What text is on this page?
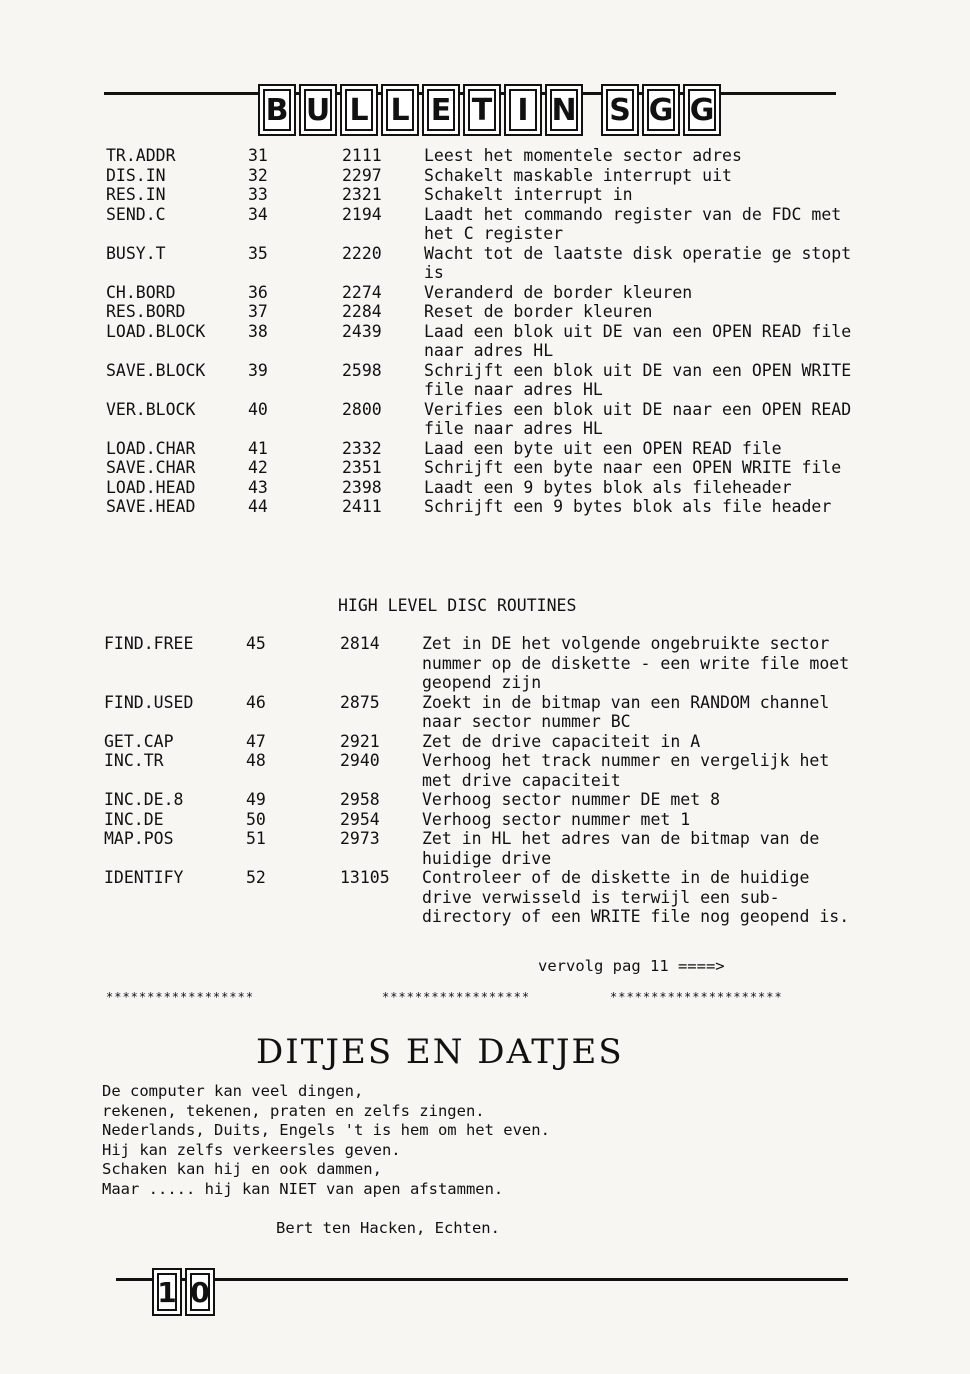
B U L L E T I N S G G
TR.ADDR	31	2111	Leest het momentele sector adres
DIS.IN	32	2297	Schakelt maskable interrupt uit
RES.IN	33	2321	Schakelt interrupt in
SEND.C	34	2194	Laadt het commando register van de FDC met het C register
BUSY.T	35	2220	Wacht tot de laatste disk operatie ge stopt is
CH.BORD	36	2274	Veranderd de border kleuren
RES.BORD	37	2284	Reset de border kleuren
LOAD.BLOCK	38	2439	Laad een blok uit DE van een OPEN READ file naar adres HL
SAVE.BLOCK	39	2598	Schrijft een blok uit DE van een OPEN WRITE file naar adres HL
VER.BLOCK	40	2800	Verifies een blok uit DE naar een OPEN READ file naar adres HL
LOAD.CHAR	41	2332	Laad een byte uit een OPEN READ file
SAVE.CHAR	42	2351	Schrijft een byte naar een OPEN WRITE file
LOAD.HEAD	43	2398	Laadt een 9 bytes blok als fileheader
SAVE.HEAD	44	2411	Schrijft een 9 bytes blok als file header
HIGH LEVEL DISC ROUTINES
FIND.FREE	45	2814	Zet in DE het volgende ongebruikte sector nummer op de diskette - een write file moet geopend zijn
FIND.USED	46	2875	Zoekt in de bitmap van een RANDOM channel naar sector nummer BC
GET.CAP	47	2921	Zet de drive capaciteit in A
INC.TR	48	2940	Verhoog het track nummer en vergelijk het met drive capaciteit
INC.DE.8	49	2958	Verhoog sector nummer DE met 8
INC.DE	50	2954	Verhoog sector nummer met 1
MAP.POS	51	2973	Zet in HL het adres van de bitmap van de huidige drive
IDENTIFY	52	13105 Controleer of de diskette in de huidige drive verwisseld is terwijl een sub-directory of een WRITE file nog geopend is.
vervolg pag 11 ====>
******************	******************	*********************
DITJES EN DATJES
De computer kan veel dingen,
rekenen, tekenen, praten en zelfs zingen.
Nederlands, Duits, Engels 't is hem om het even.
Hij kan zelfs verkeersles geven.
Schaken kan hij en ook dammen,
Maar ..... hij kan NIET van apen afstammen.
Bert ten Hacken, Echten.
1 0
